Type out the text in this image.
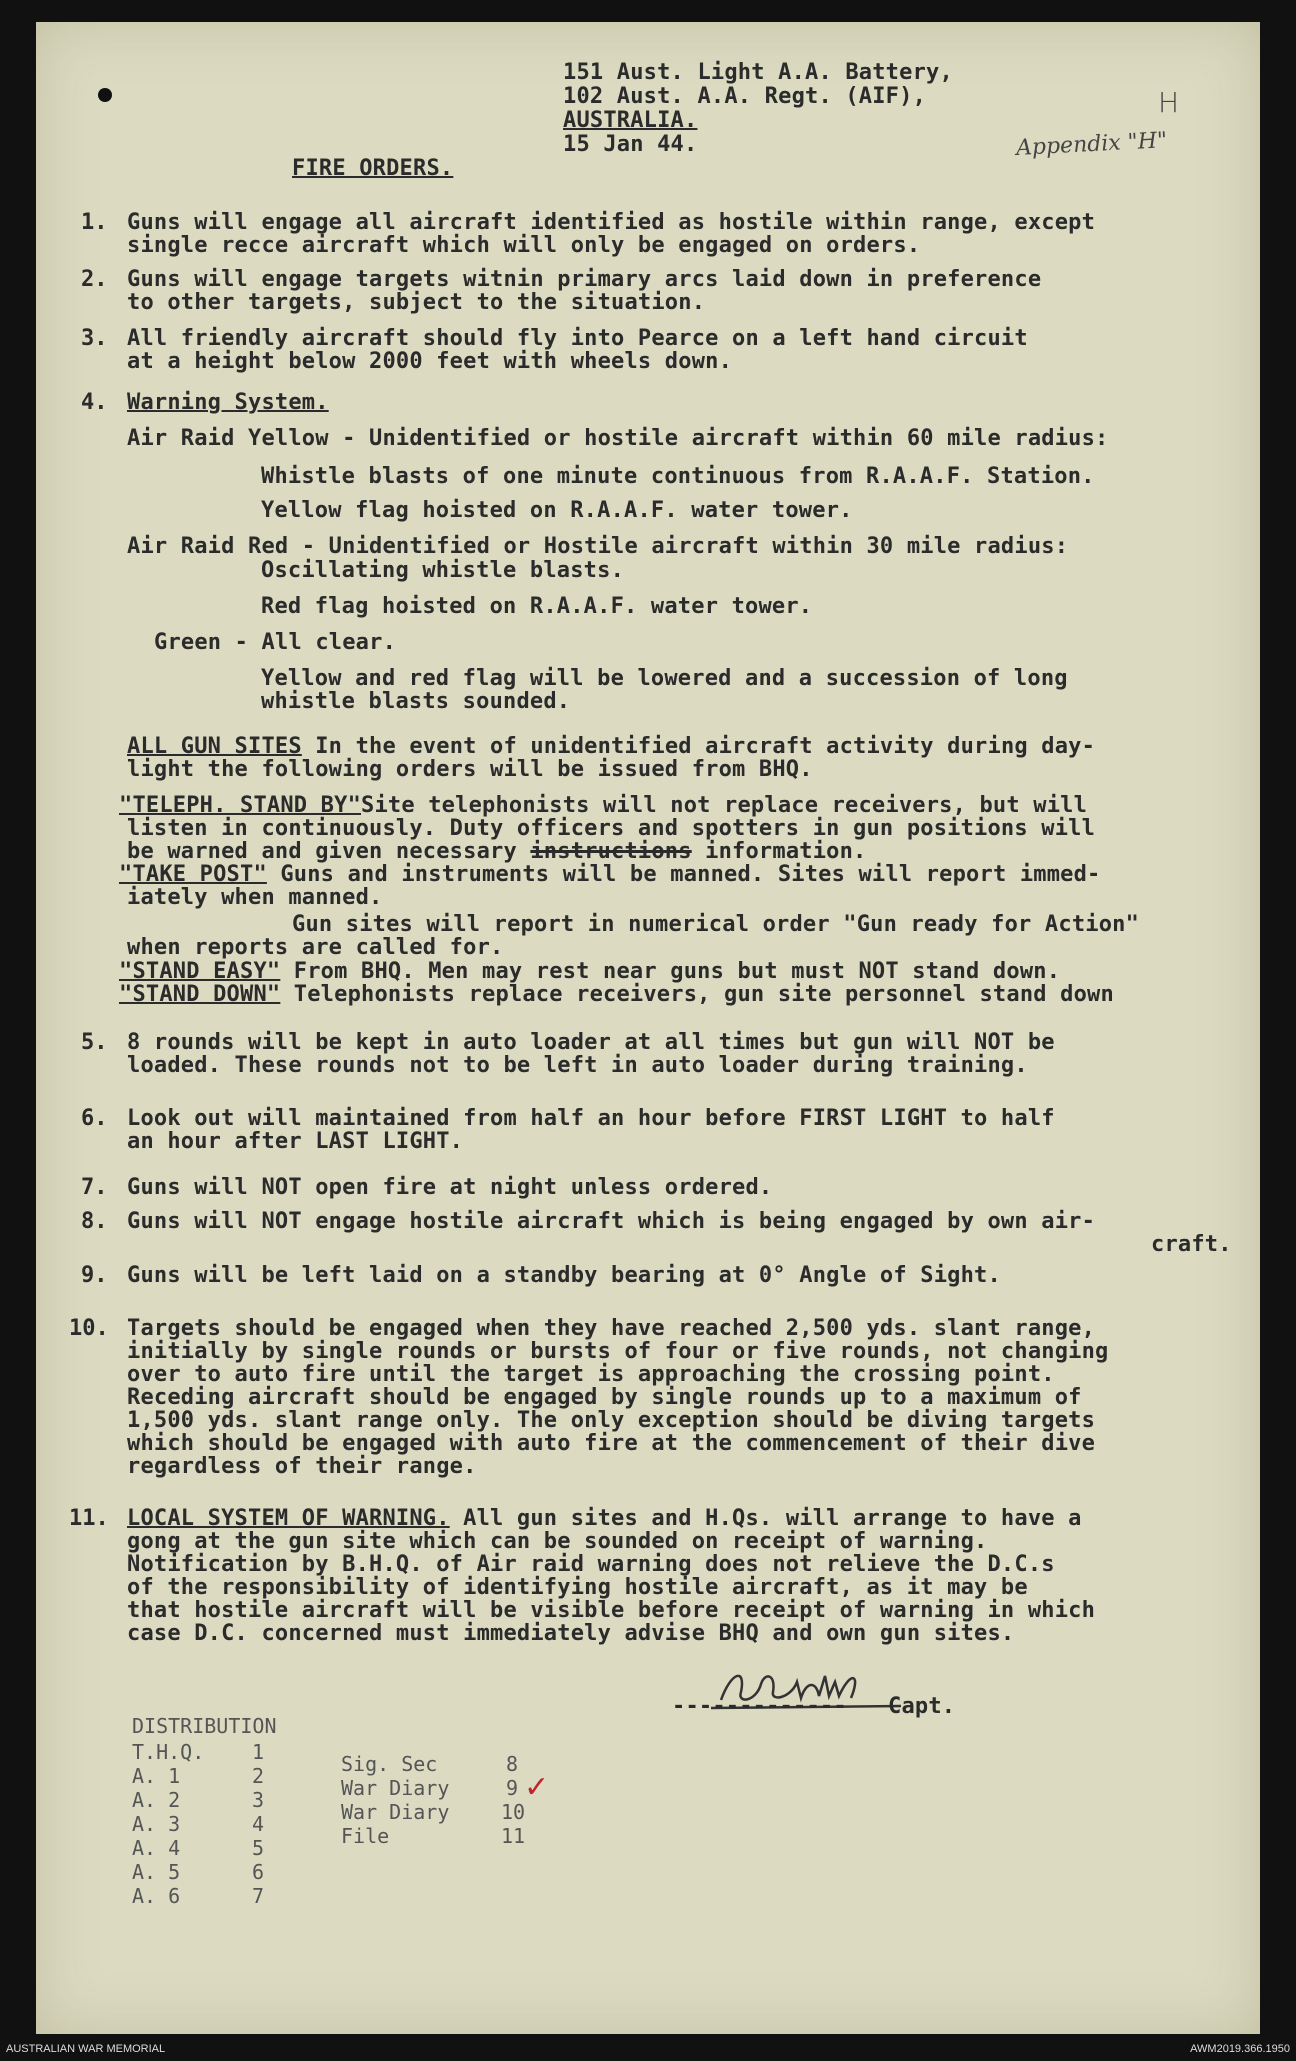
151 Aust. Light A.A. Battery,
102 Aust. A.A. Regt. (AIF),
AUSTRALIA.
15 Jan 44.	Appendix "H"
H
FIRE ORDERS.
1. Guns will engage all aircraft identified as hostile within range, except
single recce aircraft which will only be engaged on orders.
2. Guns will engage targets witnin primary arcs laid down in preference
to other targets, subject to the situation.
3. All friendly aircraft should fly into Pearce on a left hand circuit
at a height below 2000 feet with wheels down.
4. Warning System.
Air Raid Yellow - Unidentified or hostile aircraft within 60 mile radius:
Whistle blasts of one minute continuous from R.A.A.F. Station.
Yellow flag hoisted on R.A.A.F. water tower.
Air Raid Red - Unidentified or Hostile aircraft within 30 mile radius:
Oscillating whistle blasts.
Red flag hoisted on R.A.A.F. water tower.
Green - All clear.
Yellow and red flag will be lowered and a succession of long
whistle blasts sounded.
ALL GUN SITES In the event of unidentified aircraft activity during day-
light the following orders will be issued from BHQ.
"TELEPH. STAND BY"Site telephonists will not replace receivers, but will
listen in continuously. Duty officers and spotters in gun positions will
be warned and given necessary instructions information.
"TAKE POST" Guns and instruments will be manned. Sites will report immed-
iately when manned.
Gun sites will report in numerical order "Gun ready for Action"
when reports are called for.
"STAND EASY" From BHQ. Men may rest near guns but must NOT stand down.
"STAND DOWN" Telephonists replace receivers, gun site personnel stand down
5. 8 rounds will be kept in auto loader at all times but gun will NOT be
loaded. These rounds not to be left in auto loader during training.
6. Look out will maintained from half an hour before FIRST LIGHT to half
an hour after LAST LIGHT.
7. Guns will NOT open fire at night unless ordered.
8. Guns will NOT engage hostile aircraft which is being engaged by own air-
craft.
9. Guns will be left laid on a standby bearing at 0° Angle of Sight.
10. Targets should be engaged when they have reached 2,500 yds. slant range,
initially by single rounds or bursts of four or five rounds, not changing
over to auto fire until the target is approaching the crossing point.
Receding aircraft should be engaged by single rounds up to a maximum of
1,500 yds. slant range only. The only exception should be diving targets
which should be engaged with auto fire at the commencement of their dive
regardless of their range.
11. LOCAL SYSTEM OF WARNING. All gun sites and H.Qs. will arrange to have a
gong at the gun site which can be sounded on receipt of warning.
Notification by B.H.Q. of Air raid warning does not relieve the D.C.s
of the responsibility of identifying hostile aircraft, as it may be
that hostile aircraft will be visible before receipt of warning in which
case D.C. concerned must immediately advise BHQ and own gun sites.
------------- Capt.
DISTRIBUTION
T.H.Q. 1
A. 1	2
A. 2	3
A. 3	4
A. 4	5
A. 5	6
A. 6	7
Sig. Sec	8
War Diary	9
War Diary	10
File	11
✓
AUSTRALIAN WAR MEMORIAL	AWM2019.366.1950
